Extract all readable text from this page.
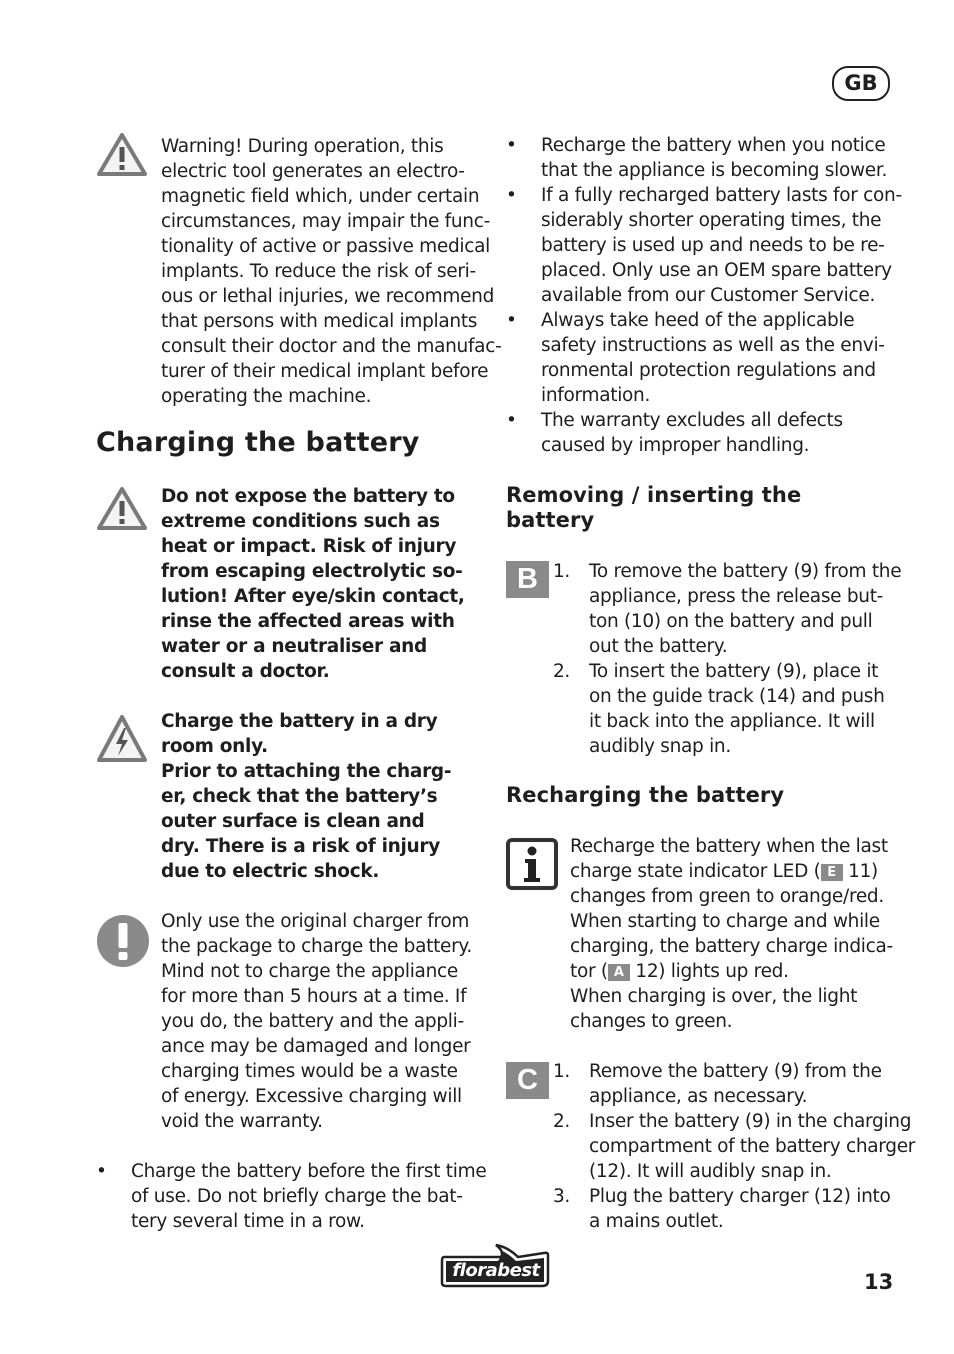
GB
Warning! During operation, this
electric tool generates an electro-
magnetic field which, under certain
circumstances, may impair the func-
tionality of active or passive medical
implants. To reduce the risk of seri-
ous or lethal injuries, we recommend
that persons with medical implants
consult their doctor and the manufac-
turer of their medical implant before
operating the machine.
Charging the battery
Do not expose the battery to
extreme conditions such as
heat or impact. Risk of injury
from escaping electrolytic so-
lution! After eye/skin contact,
rinse the affected areas with
water or a neutraliser and
consult a doctor.
Charge the battery in a dry
room only.
Prior to attaching the charg-
er, check that the battery’s
outer surface is clean and
dry. There is a risk of injury
due to electric shock.
Only use the original charger from
the package to charge the battery.
Mind not to charge the appliance
for more than 5 hours at a time. If
you do, the battery and the appli-
ance may be damaged and longer
charging times would be a waste
of energy. Excessive charging will
void the warranty.
• Charge the battery before the first time
of use. Do not briefly charge the bat-
tery several time in a row.
• Recharge the battery when you notice
that the appliance is becoming slower.
• If a fully recharged battery lasts for con-
siderably shorter operating times, the
battery is used up and needs to be re-
placed. Only use an OEM spare battery
available from our Customer Service.
• Always take heed of the applicable
safety instructions as well as the envi-
ronmental protection regulations and
information.
• The warranty excludes all defects
caused by improper handling.
Removing / inserting the
battery
B 1. To remove the battery (9) from the
appliance, press the release but-
ton (10) on the battery and pull
out the battery.
2. To insert the battery (9), place it
on the guide track (14) and push
it back into the appliance. It will
audibly snap in.
Recharging the battery
Recharge the battery when the last
charge state indicator LED ( E 11)
changes from green to orange/red.
When starting to charge and while
charging, the battery charge indica-
tor ( A 12) lights up red.
When charging is over, the light
changes to green.
C 1. Remove the battery (9) from the
appliance, as necessary.
2. Inser the battery (9) in the charging
compartment of the battery charger
(12). It will audibly snap in.
3. Plug the battery charger (12) into
a mains outlet.
florabest	13
